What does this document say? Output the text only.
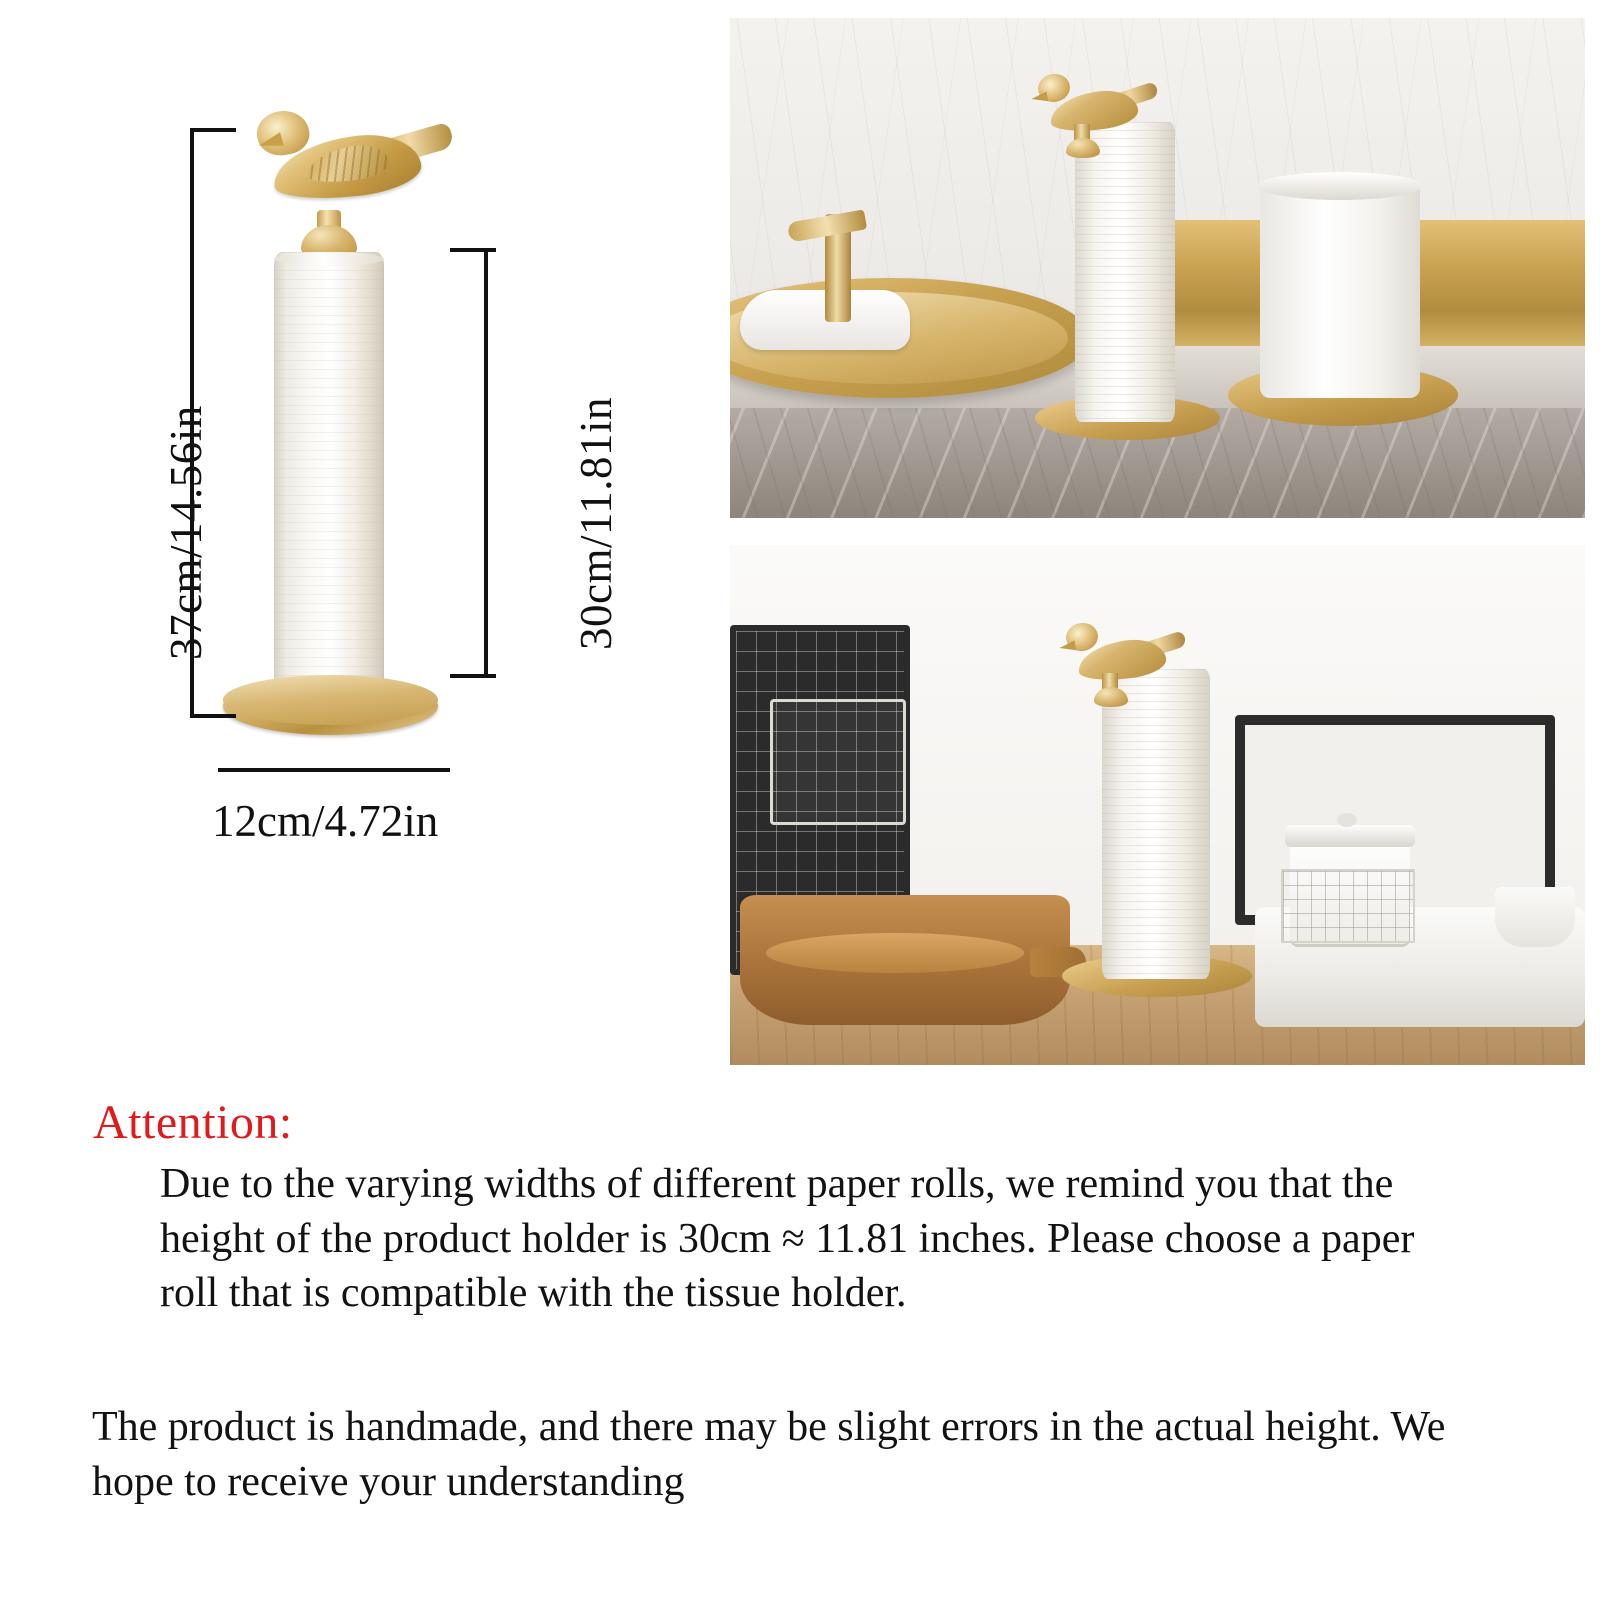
37cm/14.56in	30cm/11.81in
12cm/4.72in
Attention:
Due to the varying widths of different paper rolls, we remind you that the height of the product holder is 30cm ≈ 11.81 inches. Please choose a paper roll that is compatible with the tissue holder.
The product is handmade, and there may be slight errors in the actual height. We hope to receive your understanding
